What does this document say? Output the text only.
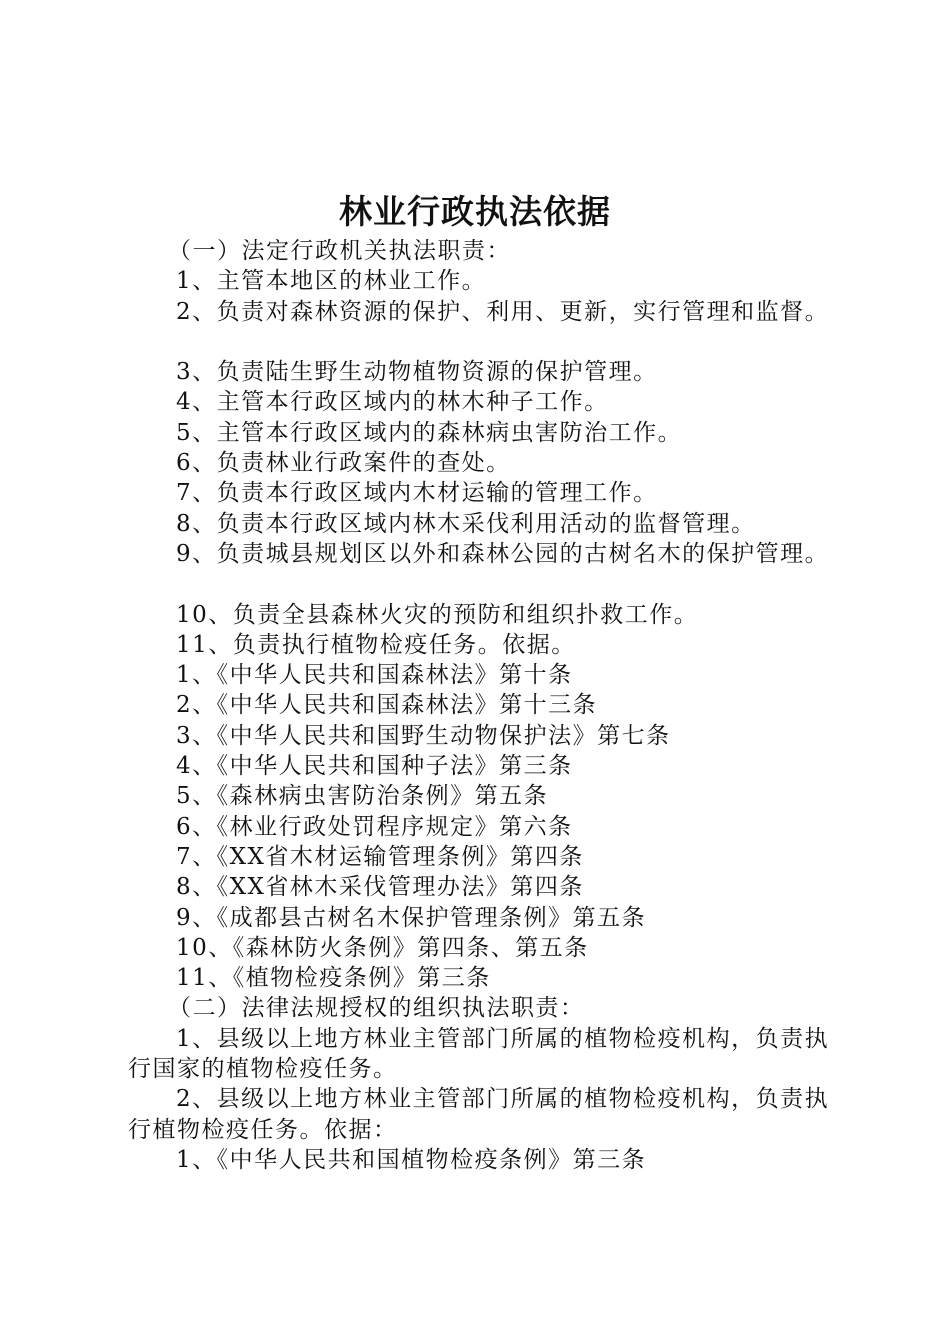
林业行政执法依据
（一）法定行政机关执法职责：
1、主管本地区的林业工作。
2、负责对森林资源的保护、利用、更新，实行管理和监督。
3、负责陆生野生动物植物资源的保护管理。
4、主管本行政区域内的林木种子工作。
5、主管本行政区域内的森林病虫害防治工作。
6、负责林业行政案件的查处。
7、负责本行政区域内木材运输的管理工作。
8、负责本行政区域内林木采伐利用活动的监督管理。
9、负责城县规划区以外和森林公园的古树名木的保护管理。
10、负责全县森林火灾的预防和组织扑救工作。
11、负责执行植物检疫任务。依据。
1、《中华人民共和国森林法》第十条
2、《中华人民共和国森林法》第十三条
3、《中华人民共和国野生动物保护法》第七条
4、《中华人民共和国种子法》第三条
5、《森林病虫害防治条例》第五条
6、《林业行政处罚程序规定》第六条
7、《XX省木材运输管理条例》第四条
8、《XX省林木采伐管理办法》第四条
9、《成都县古树名木保护管理条例》第五条
10、《森林防火条例》第四条、第五条
11、《植物检疫条例》第三条
（二）法律法规授权的组织执法职责：
1、县级以上地方林业主管部门所属的植物检疫机构，负责执行国家的植物检疫任务。
2、县级以上地方林业主管部门所属的植物检疫机构，负责执行植物检疫任务。依据：
1、《中华人民共和国植物检疫条例》第三条
